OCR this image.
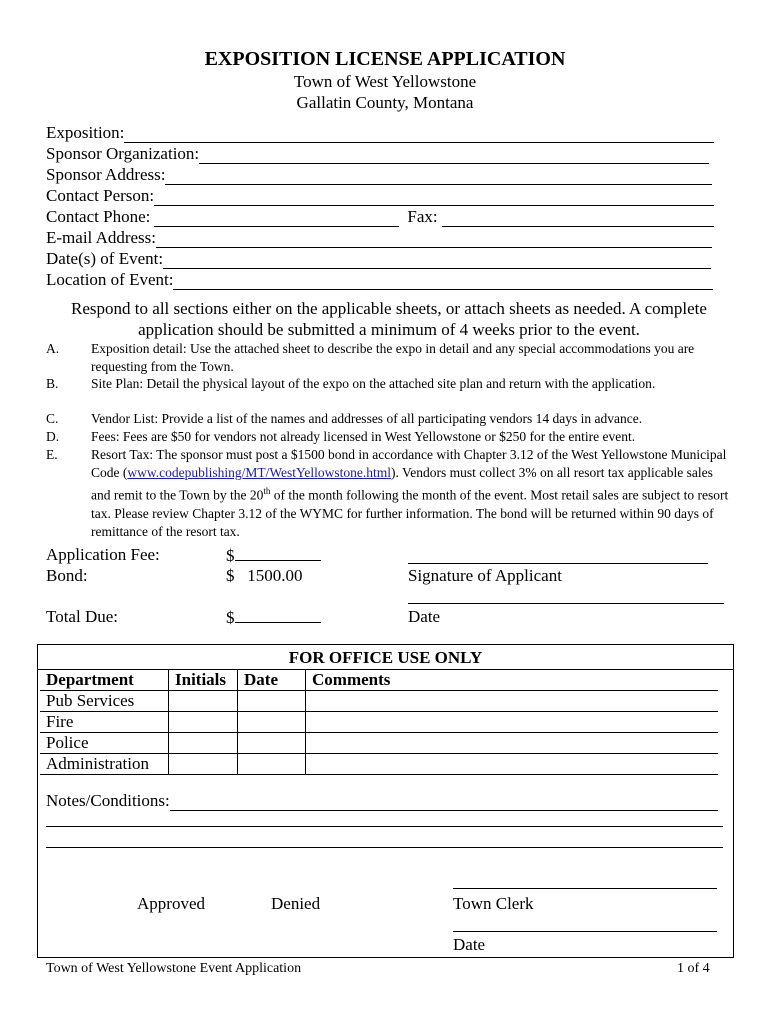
EXPOSITION LICENSE APPLICATION
Town of West Yellowstone
Gallatin County, Montana
Exposition:
Sponsor Organization:
Sponsor Address:
Contact Person:
Contact Phone:	Fax:
E-mail Address:
Date(s) of Event:
Location of Event:
Respond to all sections either on the applicable sheets, or attach sheets as needed. A complete application should be submitted a minimum of 4 weeks prior to the event.
A. Exposition detail: Use the attached sheet to describe the expo in detail and any special accommodations you are requesting from the Town.
B. Site Plan: Detail the physical layout of the expo on the attached site plan and return with the application.
C. Vendor List: Provide a list of the names and addresses of all participating vendors 14 days in advance.
D. Fees: Fees are $50 for vendors not already licensed in West Yellowstone or $250 for the entire event.
E. Resort Tax: The sponsor must post a $1500 bond in accordance with Chapter 3.12 of the West Yellowstone Municipal Code (www.codepublishing/MT/WestYellowstone.html). Vendors must collect 3% on all resort tax applicable sales and remit to the Town by the 20th of the month following the month of the event. Most retail sales are subject to resort tax. Please review Chapter 3.12 of the WYMC for further information. The bond will be returned within 90 days of remittance of the resort tax.
Application Fee:	$
Bond:	$   1500.00
Total Due:	$
Signature of Applicant
Date
FOR OFFICE USE ONLY
Department	Initials	Date	Comments
Pub Services			
Fire			
Police			
Administration			
Notes/Conditions:
Approved	Denied	Town Clerk
Date
Town of West Yellowstone Event Application	1 of 4
